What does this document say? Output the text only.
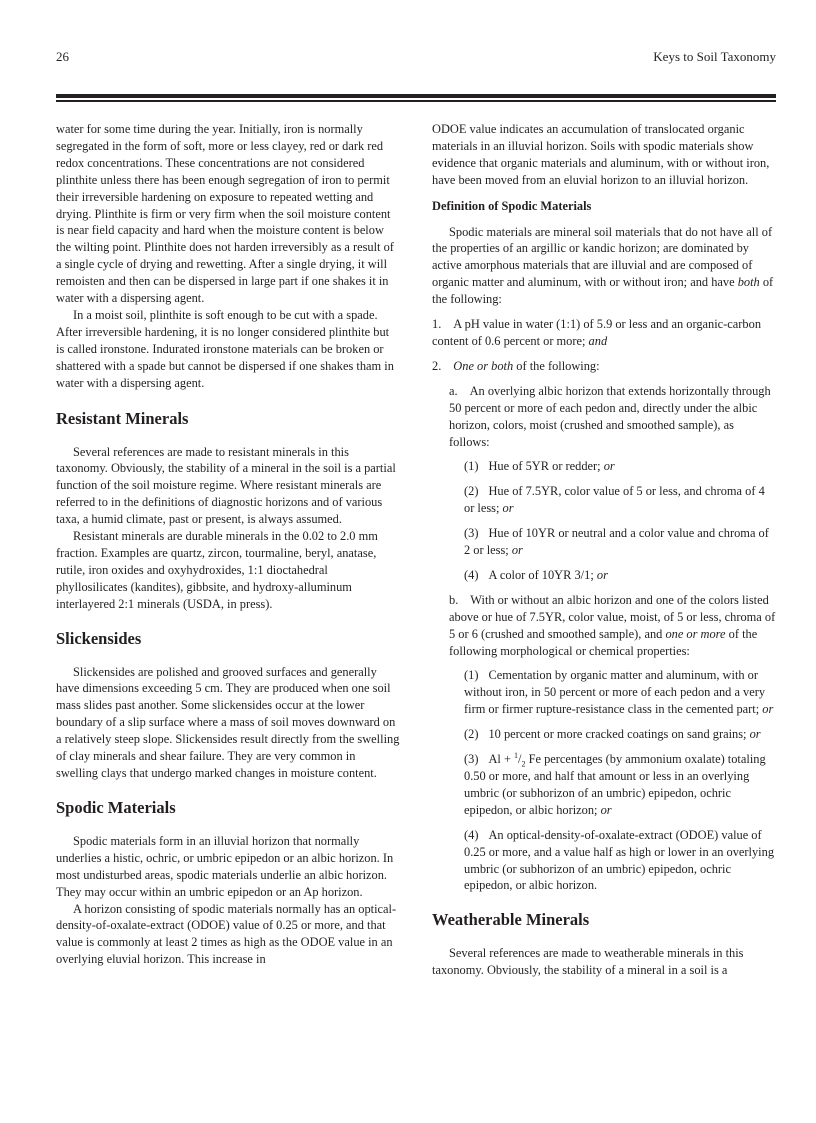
26	Keys to Soil Taxonomy

water for some time during the year. Initially, iron is normally segregated in the form of soft, more or less clayey, red or dark red redox concentrations. These concentrations are not considered plinthite unless there has been enough segregation of iron to permit their irreversible hardening on exposure to repeated wetting and drying. Plinthite is firm or very firm when the soil moisture content is near field capacity and hard when the moisture content is below the wilting point. Plinthite does not harden irreversibly as a result of a single cycle of drying and rewetting. After a single drying, it will remoisten and then can be dispersed in large part if one shakes it in water with a dispersing agent.

In a moist soil, plinthite is soft enough to be cut with a spade. After irreversible hardening, it is no longer considered plinthite but is called ironstone. Indurated ironstone materials can be broken or shattered with a spade but cannot be dispersed if one shakes tham in water with a dispersing agent.

Resistant Minerals

Several references are made to resistant minerals in this taxonomy. Obviously, the stability of a mineral in the soil is a partial function of the soil moisture regime. Where resistant minerals are referred to in the definitions of diagnostic horizons and of various taxa, a humid climate, past or present, is always assumed.

Resistant minerals are durable minerals in the 0.02 to 2.0 mm fraction. Examples are quartz, zircon, tourmaline, beryl, anatase, rutile, iron oxides and oxyhydroxides, 1:1 dioctahedral phyllosilicates (kandites), gibbsite, and hydroxy-alluminum interlayered 2:1 minerals (USDA, in press).

Slickensides

Slickensides are polished and grooved surfaces and generally have dimensions exceeding 5 cm. They are produced when one soil mass slides past another. Some slickensides occur at the lower boundary of a slip surface where a mass of soil moves downward on a relatively steep slope. Slickensides result directly from the swelling of clay minerals and shear failure. They are very common in swelling clays that undergo marked changes in moisture content.

Spodic Materials

Spodic materials form in an illuvial horizon that normally underlies a histic, ochric, or umbric epipedon or an albic horizon. In most undisturbed areas, spodic materials underlie an albic horizon. They may occur within an umbric epipedon or an Ap horizon.

A horizon consisting of spodic materials normally has an optical-density-of-oxalate-extract (ODOE) value of 0.25 or more, and that value is commonly at least 2 times as high as the ODOE value in an overlying eluvial horizon. This increase in

ODOE value indicates an accumulation of translocated organic materials in an illuvial horizon. Soils with spodic materials show evidence that organic materials and aluminum, with or without iron, have been moved from an eluvial horizon to an illuvial horizon.

Definition of Spodic Materials

Spodic materials are mineral soil materials that do not have all of the properties of an argillic or kandic horizon; are dominated by active amorphous materials that are illuvial and are composed of organic matter and aluminum, with or without iron; and have both of the following:

1. A pH value in water (1:1) of 5.9 or less and an organic-carbon content of 0.6 percent or more; and

2. One or both of the following:

a. An overlying albic horizon that extends horizontally through 50 percent or more of each pedon and, directly under the albic horizon, colors, moist (crushed and smoothed sample), as follows:

(1) Hue of 5YR or redder; or

(2) Hue of 7.5YR, color value of 5 or less, and chroma of 4 or less; or

(3) Hue of 10YR or neutral and a color value and chroma of 2 or less; or

(4) A color of 10YR 3/1; or

b. With or without an albic horizon and one of the colors listed above or hue of 7.5YR, color value, moist, of 5 or less, chroma of 5 or 6 (crushed and smoothed sample), and one or more of the following morphological or chemical properties:

(1) Cementation by organic matter and aluminum, with or without iron, in 50 percent or more of each pedon and a very firm or firmer rupture-resistance class in the cemented part; or

(2) 10 percent or more cracked coatings on sand grains; or

(3) $Al + ^1/_2$ Fe percentages (by ammonium oxalate) totaling 0.50 or more, and half that amount or less in an overlying umbric (or subhorizon of an umbric) epipedon, ochric epipedon, or albic horizon; or

(4) An optical-density-of-oxalate-extract (ODOE) value of 0.25 or more, and a value half as high or lower in an overlying umbric (or subhorizon of an umbric) epipedon, ochric epipedon, or albic horizon.

Weatherable Minerals

Several references are made to weatherable minerals in this taxonomy. Obviously, the stability of a mineral in a soil is a
